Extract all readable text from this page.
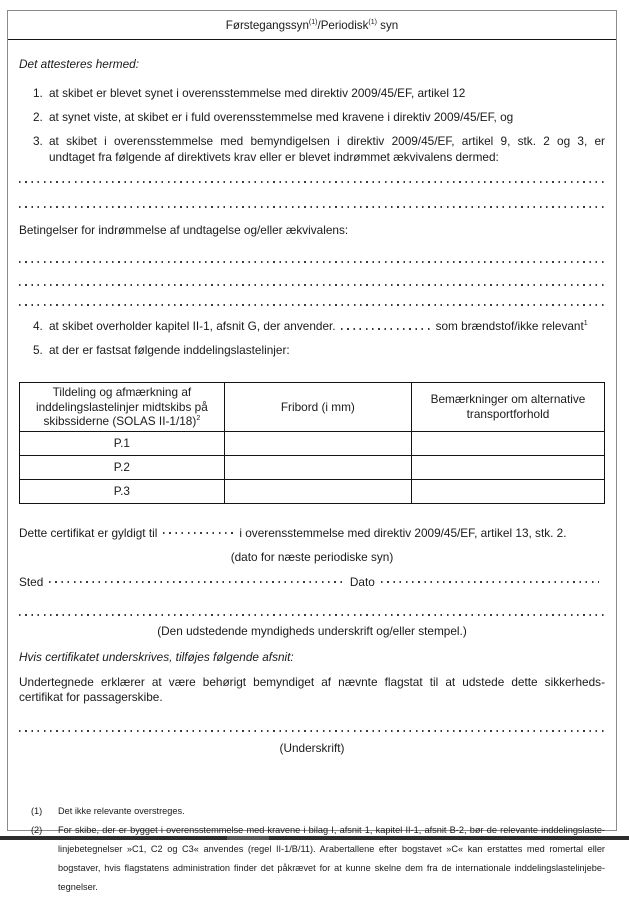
Førstegangssyn$^{(1)}$/Periodisk$^{(1)}$ syn
Det attesteres hermed:
1. at skibet er blevet synet i overensstemmelse med direktiv 2009/45/EF, artikel 12
2. at synet viste, at skibet er i fuld overensstemmelse med kravene i direktiv 2009/45/EF, og
3. at skibet i overensstemmelse med bemyndigelsen i direktiv 2009/45/EF, artikel 9, stk. 2 og 3, er
undtaget fra følgende af direktivets krav eller er blevet indrømmet ækvivalens dermed:
Betingelser for indrømmelse af undtagelse og/eller ækvivalens:
4. at skibet overholder kapitel II-1, afsnit G, der anvender.	som brændstof/ikke relevant$^1$
5. at der er fastsat følgende inddelingslastelinjer:
Tildeling og afmærkning af inddelingslastelinjer midtskibs på skibssiderne (SOLAS II-1/18)$^2$	Fribord (i mm)	Bemærkninger om alternative transportforhold
P.1		
P.2		
P.3		
Dette certifikat er gyldigt til	i overensstemmelse med direktiv 2009/45/EF, artikel 13, stk. 2.
(dato for næste periodiske syn)
Sted	Dato
(Den udstedende myndigheds underskrift og/eller stempel.)
Hvis certifikatet underskrives, tilføjes følgende afsnit:
Undertegnede erklærer at være behørigt bemyndiget af nævnte flagstat til at udstede dette sikkerheds-
certifikat for passagerskibe.
(Underskrift)
(1)	Det ikke relevante overstreges.
(2)	For skibe, der er bygget i overensstemmelse med kravene i bilag I, afsnit 1, kapitel II-1, afsnit B-2, bør de relevante inddelingslaste-
linjebetegnelser »C1, C2 og C3« anvendes (regel II-1/B/11). Arabertallene efter bogstavet »C« kan erstattes med romertal eller
bogstaver, hvis flagstatens administration finder det påkrævet for at kunne skelne dem fra de internationale inddelingslastelinjebe-
tegnelser.
